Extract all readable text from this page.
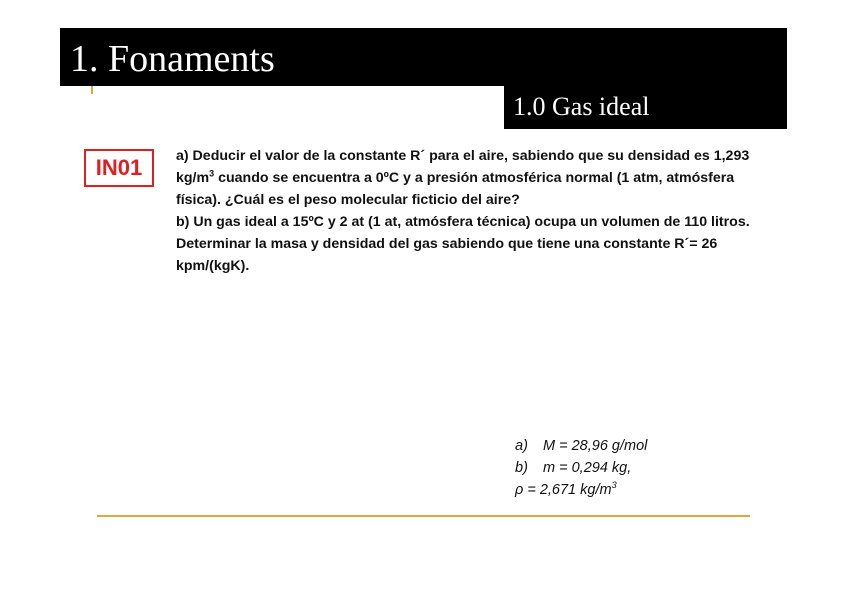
1. Fonaments
1.0 Gas ideal
IN01	a) Deducir el valor de la constante R´ para el aire, sabiendo que su densidad es 1,293 $kg/m^3$ cuando se encuentra a 0ºC y a presión atmosférica normal (1 atm, atmósfera física). ¿Cuál es el peso molecular ficticio del aire?

b) Un gas ideal a 15ºC y 2 at (1 at, atmósfera técnica) ocupa un volumen de 110 litros. Determinar la masa y densidad del gas sabiendo que tiene una constante R´= 26 kpm/(kgK).

a) M = 28,96 g/mol
b) m = 0,294 kg,
ρ = 2,671 $kg/m^3$
